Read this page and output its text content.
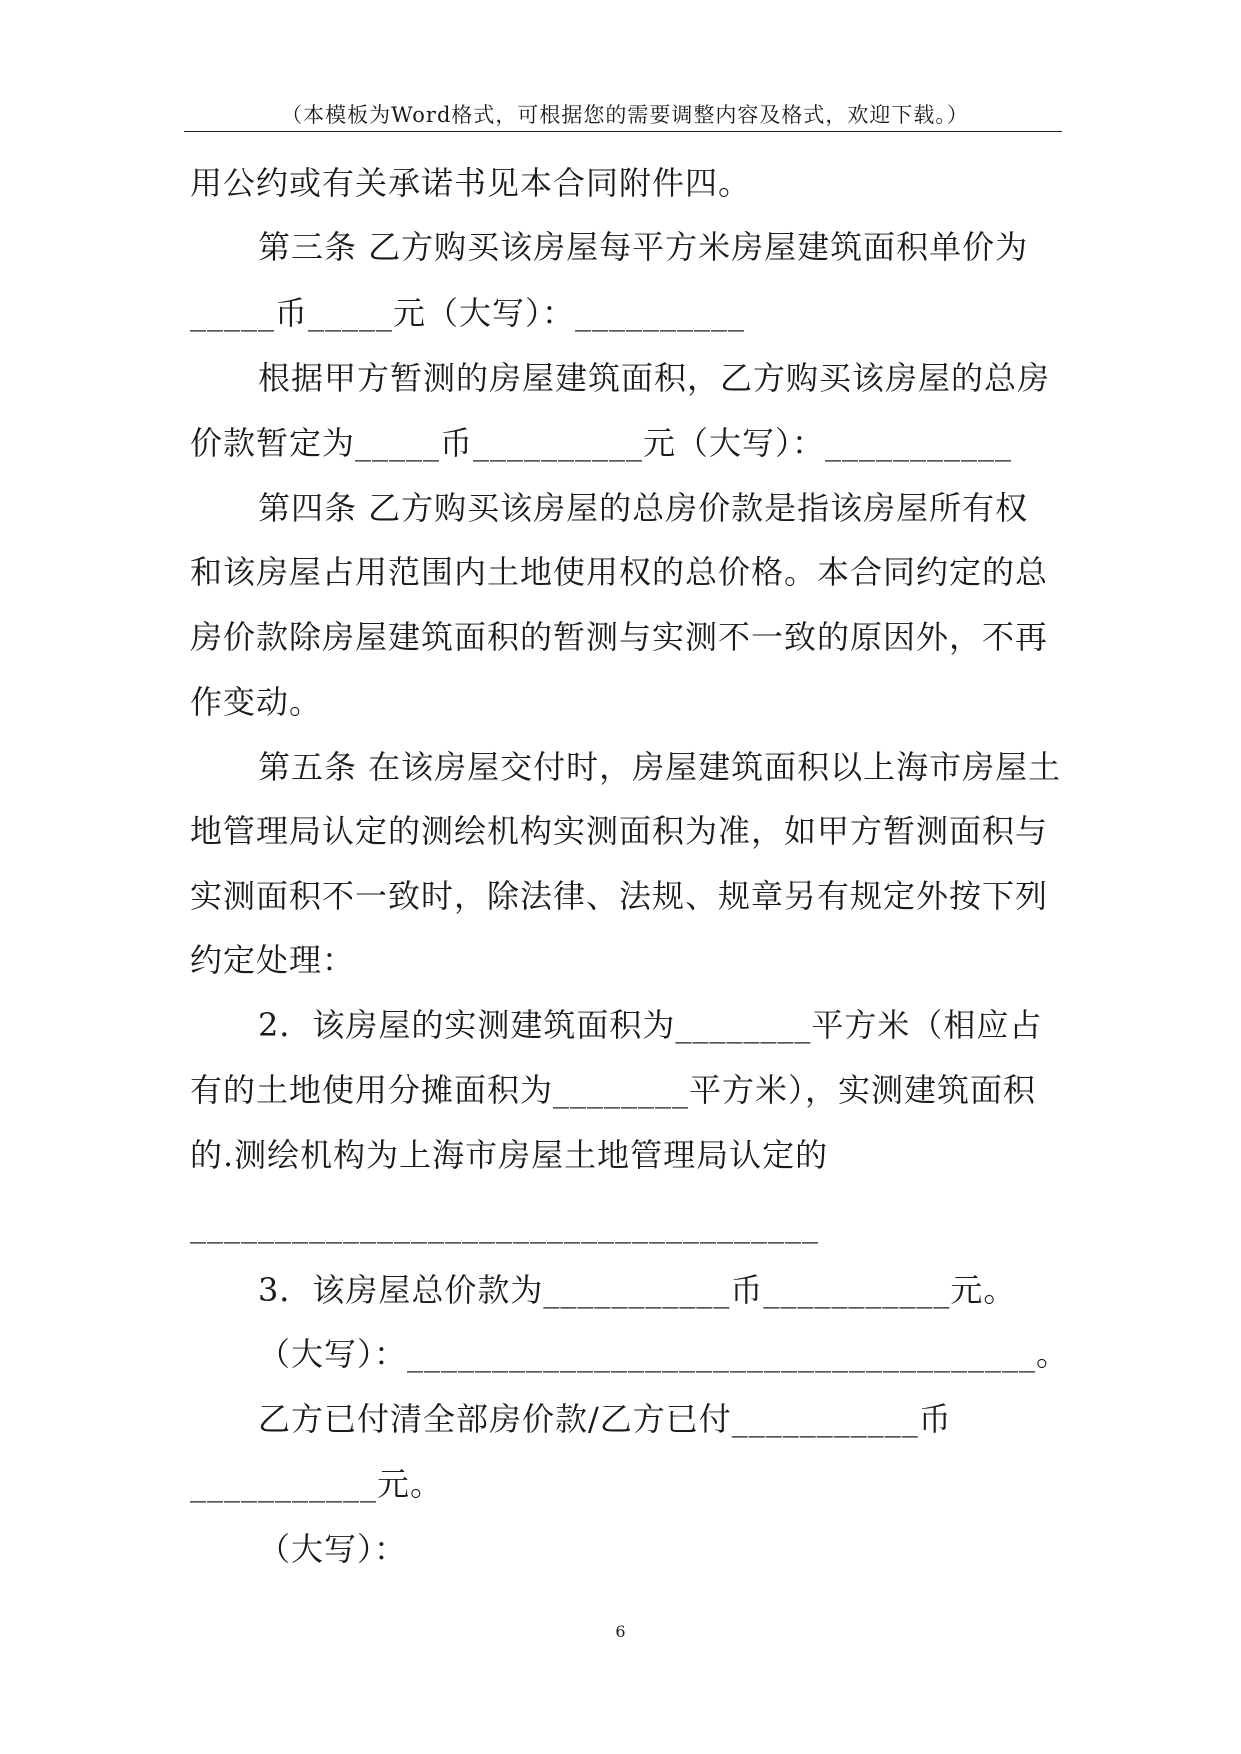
（本模板为Word格式，可根据您的需要调整内容及格式，欢迎下载。）
用公约或有关承诺书见本合同附件四。
第三条 乙方购买该房屋每平方米房屋建筑面积单价为
_____币_____元（大写）：__________
根据甲方暂测的房屋建筑面积，乙方购买该房屋的总房
价款暂定为_____币__________元（大写）：___________
第四条 乙方购买该房屋的总房价款是指该房屋所有权
和该房屋占用范围内土地使用权的总价格。本合同约定的总
房价款除房屋建筑面积的暂测与实测不一致的原因外，不再
作变动。
第五条 在该房屋交付时，房屋建筑面积以上海市房屋土
地管理局认定的测绘机构实测面积为准，如甲方暂测面积与
实测面积不一致时，除法律、法规、规章另有规定外按下列
约定处理：
2．该房屋的实测建筑面积为________平方米（相应占
有的土地使用分摊面积为________平方米），实测建筑面积
的.测绘机构为上海市房屋土地管理局认定的
_____________________________________
3．该房屋总价款为___________币___________元。
（大写）：_____________________________________。
乙方已付清全部房价款/乙方已付___________币
___________元。
（大写）：
6
